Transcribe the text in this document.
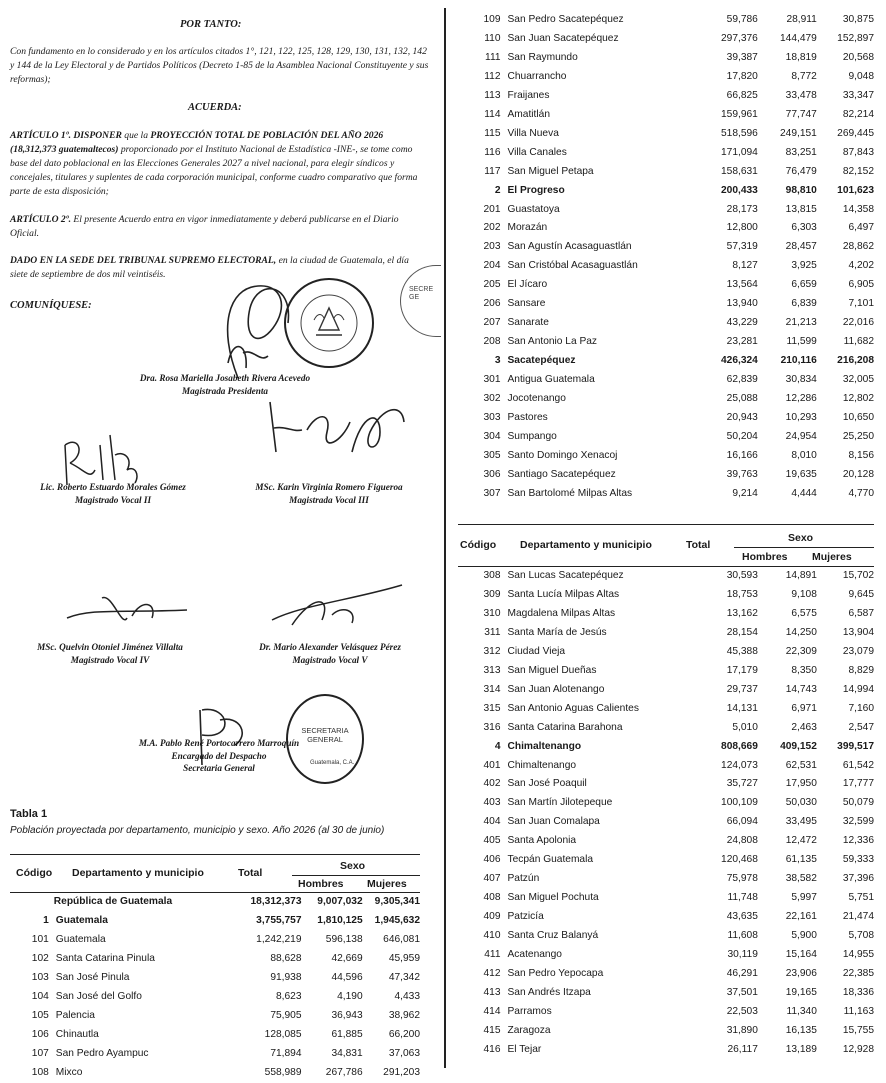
POR TANTO:
Con fundamento en lo considerado y en los artículos citados 1°, 121, 122, 125, 128, 129, 130, 131, 132, 142 y 144 de la Ley Electoral y de Partidos Políticos (Decreto 1-85 de la Asamblea Nacional Constituyente y sus reformas);
ACUERDA:
ARTÍCULO 1º. DISPONER que la PROYECCIÓN TOTAL DE POBLACIÓN DEL AÑO 2026 (18,312,373 guatemaltecos) proporcionado por el Instituto Nacional de Estadística -INE-, se tome como base del dato poblacional en las Elecciones Generales 2027 a nivel nacional, para elegir síndicos y concejales, titulares y suplentes de cada corporación municipal, conforme cuadro comparativo que forma parte de esta disposición;
ARTÍCULO 2º. El presente Acuerdo entra en vigor inmediatamente y deberá publicarse en el Diario Oficial.
DADO EN LA SEDE DEL TRIBUNAL SUPREMO ELECTORAL, en la ciudad de Guatemala, el día siete de septiembre de dos mil veintiséis.
COMUNÍQUESE:
SECRE GE
Dra. Rosa Mariella Josabeth Rivera Acevedo
Magistrada Presidenta
Lic. Roberto Estuardo Morales Gómez
Magistrado Vocal II
MSc. Karin Virginia Romero Figueroa
Magistrada Vocal III
MSc. Quelvin Otoniel Jiménez Villalta
Magistrado Vocal IV
Dr. Mario Alexander Velásquez Pérez
Magistrado Vocal V
SECRETARIA
GENERAL
Guatemala, C.A.
M.A. Pablo René Portocarrero Marroquín
Encargado del Despacho
Secretaria General
Tabla 1
Población proyectada por departamento, municipio y sexo. Año 2026 (al 30 de junio)
Código Departamento y municipio	Total
Sexo
Hombres Mujeres
	República de Guatemala	18,312,373	9,007,032	9,305,341
1	Guatemala	3,755,757	1,810,125	1,945,632
101	Guatemala	1,242,219	596,138	646,081
102	Santa Catarina Pinula	88,628	42,669	45,959
103	San José Pinula	91,938	44,596	47,342
104	San José del Golfo	8,623	4,190	4,433
105	Palencia	75,905	36,943	38,962
106	Chinautla	128,085	61,885	66,200
107	San Pedro Ayampuc	71,894	34,831	37,063
108	Mixco	558,989	267,786	291,203
109	San Pedro Sacatepéquez	59,786	28,911	30,875
110	San Juan Sacatepéquez	297,376	144,479	152,897
111	San Raymundo	39,387	18,819	20,568
112	Chuarrancho	17,820	8,772	9,048
113	Fraijanes	66,825	33,478	33,347
114	Amatitlán	159,961	77,747	82,214
115	Villa Nueva	518,596	249,151	269,445
116	Villa Canales	171,094	83,251	87,843
117	San Miguel Petapa	158,631	76,479	82,152
2	El Progreso	200,433	98,810	101,623
201	Guastatoya	28,173	13,815	14,358
202	Morazán	12,800	6,303	6,497
203	San Agustín Acasaguastlán	57,319	28,457	28,862
204	San Cristóbal Acasaguastlán	8,127	3,925	4,202
205	El Jícaro	13,564	6,659	6,905
206	Sansare	13,940	6,839	7,101
207	Sanarate	43,229	21,213	22,016
208	San Antonio La Paz	23,281	11,599	11,682
3	Sacatepéquez	426,324	210,116	216,208
301	Antigua Guatemala	62,839	30,834	32,005
302	Jocotenango	25,088	12,286	12,802
303	Pastores	20,943	10,293	10,650
304	Sumpango	50,204	24,954	25,250
305	Santo Domingo Xenacoj	16,166	8,010	8,156
306	Santiago Sacatepéquez	39,763	19,635	20,128
307	San Bartolomé Milpas Altas	9,214	4,444	4,770
Código Departamento y municipio	Total
Sexo
Hombres Mujeres
308	San Lucas Sacatepéquez	30,593	14,891	15,702
309	Santa Lucía Milpas Altas	18,753	9,108	9,645
310	Magdalena Milpas Altas	13,162	6,575	6,587
311	Santa María de Jesús	28,154	14,250	13,904
312	Ciudad Vieja	45,388	22,309	23,079
313	San Miguel Dueñas	17,179	8,350	8,829
314	San Juan Alotenango	29,737	14,743	14,994
315	San Antonio Aguas Calientes	14,131	6,971	7,160
316	Santa Catarina Barahona	5,010	2,463	2,547
4	Chimaltenango	808,669	409,152	399,517
401	Chimaltenango	124,073	62,531	61,542
402	San José Poaquil	35,727	17,950	17,777
403	San Martín Jilotepeque	100,109	50,030	50,079
404	San Juan Comalapa	66,094	33,495	32,599
405	Santa Apolonia	24,808	12,472	12,336
406	Tecpán Guatemala	120,468	61,135	59,333
407	Patzún	75,978	38,582	37,396
408	San Miguel Pochuta	11,748	5,997	5,751
409	Patzicía	43,635	22,161	21,474
410	Santa Cruz Balanyá	11,608	5,900	5,708
411	Acatenango	30,119	15,164	14,955
412	San Pedro Yepocapa	46,291	23,906	22,385
413	San Andrés Itzapa	37,501	19,165	18,336
414	Parramos	22,503	11,340	11,163
415	Zaragoza	31,890	16,135	15,755
416	El Tejar	26,117	13,189	12,928
